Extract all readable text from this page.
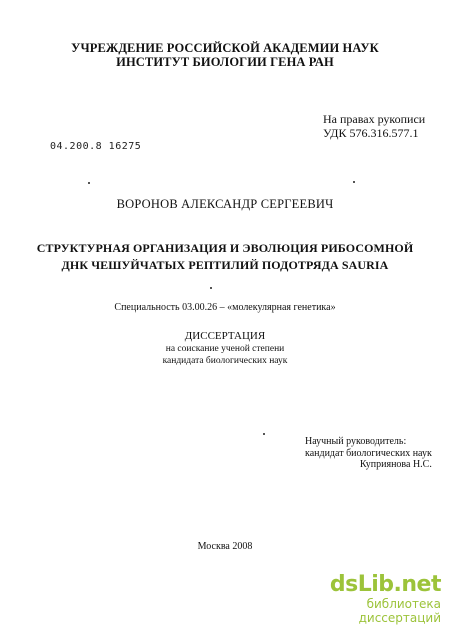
УЧРЕЖДЕНИЕ РОССИЙСКОЙ АКАДЕМИИ НАУК
ИНСТИТУТ БИОЛОГИИ ГЕНА РАН
На правах рукописи
УДК 576.316.577.1
04.200.8 16275
ВОРОНОВ АЛЕКСАНДР СЕРГЕЕВИЧ
СТРУКТУРНАЯ ОРГАНИЗАЦИЯ И ЭВОЛЮЦИЯ РИБОСОМНОЙ
ДНК ЧЕШУЙЧАТЫХ РЕПТИЛИЙ ПОДОТРЯДА SAURIA
Специальность 03.00.26 – «молекулярная генетика»
ДИССЕРТАЦИЯ
на соискание ученой степени
кандидата биологических наук
Научный руководитель:
кандидат биологических наук
Куприянова Н.С.
Москва 2008
dsLib.net
библиотека диссертаций
